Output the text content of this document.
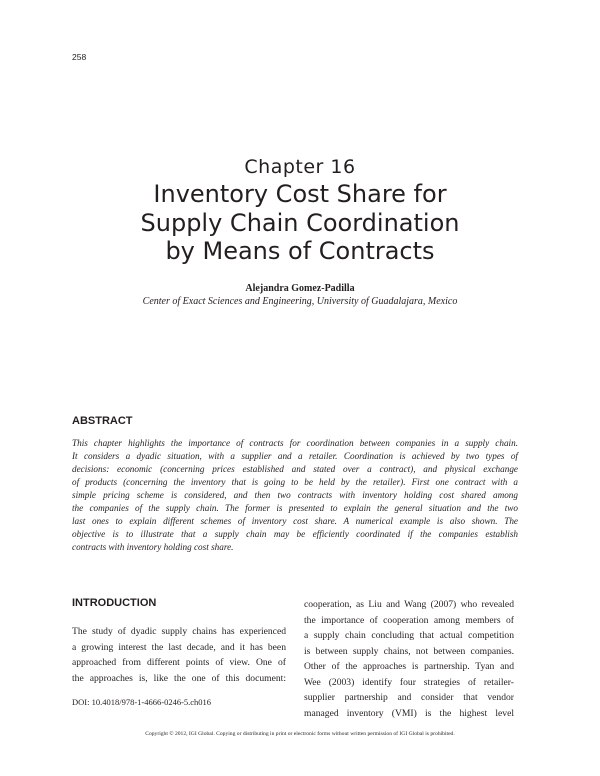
258
Chapter 16
Inventory Cost Share for
Supply Chain Coordination
by Means of Contracts
Alejandra Gomez-Padilla
Center of Exact Sciences and Engineering, University of Guadalajara, Mexico
ABSTRACT

This chapter highlights the importance of contracts for coordination between companies in a supply chain.
It considers a dyadic situation, with a supplier and a retailer. Coordination is achieved by two types of
decisions: economic (concerning prices established and stated over a contract), and physical exchange
of products (concerning the inventory that is going to be held by the retailer). First one contract with a
simple pricing scheme is considered, and then two contracts with inventory holding cost shared among
the companies of the supply chain. The former is presented to explain the general situation and the two
last ones to explain different schemes of inventory cost share. A numerical example is also shown. The
objective is to illustrate that a supply chain may be efficiently coordinated if the companies establish
contracts with inventory holding cost share.

INTRODUCTION

The study of dyadic supply chains has experienced
a growing interest the last decade, and it has been
approached from different points of view. One of
the approaches is, like the one of this document:

cooperation, as Liu and Wang (2007) who revealed
the importance of cooperation among members of
a supply chain concluding that actual competition
is between supply chains, not between companies.
Other of the approaches is partnership. Tyan and
Wee (2003) identify four strategies of retailer-
supplier partnership and consider that vendor
managed inventory (VMI) is the highest level

DOI: 10.4018/978-1-4666-0246-5.ch016
Copyright © 2012, IGI Global. Copying or distributing in print or electronic forms without written permission of IGI Global is prohibited.
